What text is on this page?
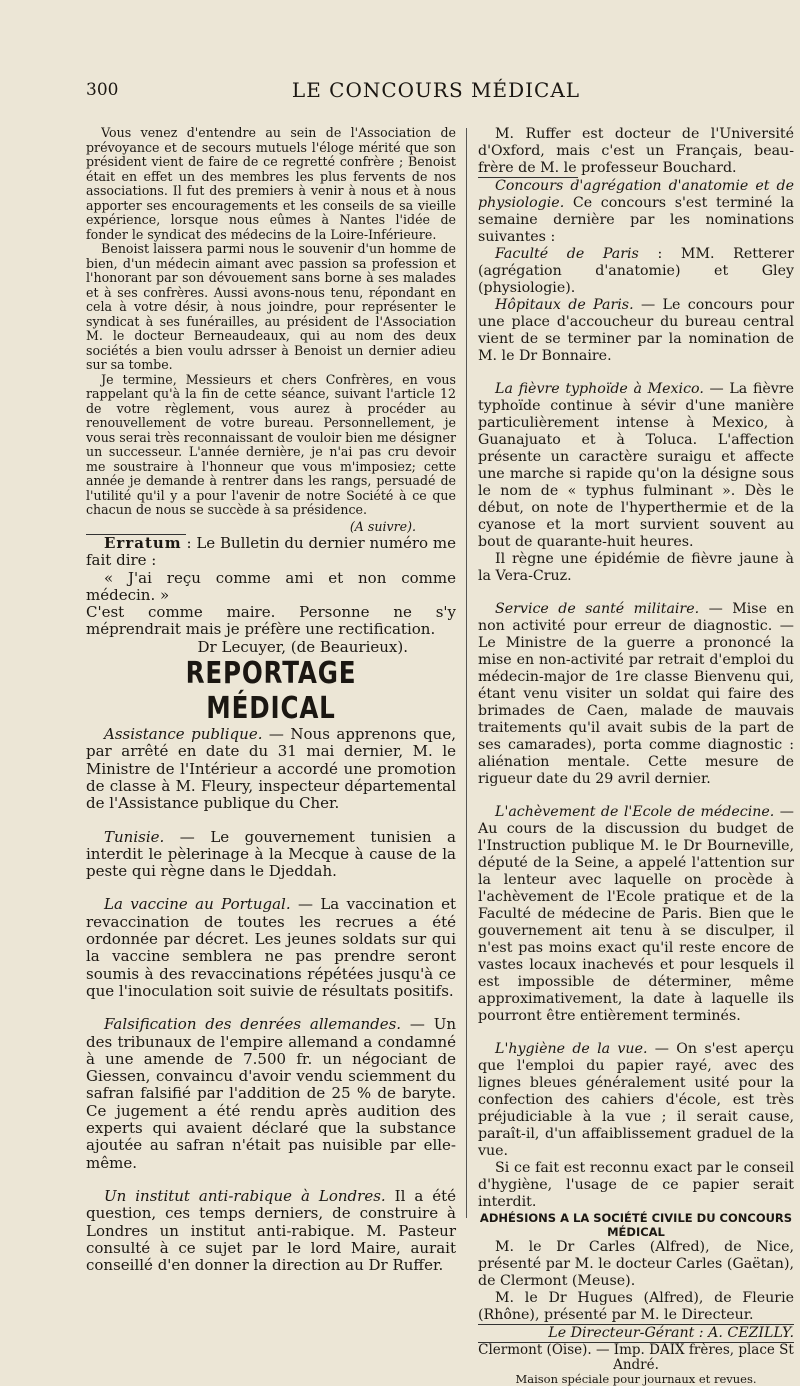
300	LE CONCOURS MÉDICAL

Vous venez d'entendre au sein de l'Association de prévoyance et de secours mutuels l'éloge mérité que son président vient de faire de ce regretté confrère ; Benoist était en effet un des membres les plus fervents de nos associations. Il fut des premiers à venir à nous et à nous apporter ses encouragements et les conseils de sa vieille expérience, lorsque nous eûmes à Nantes l'idée de fonder le syndicat des médecins de la Loire-Inférieure.

Benoist laissera parmi nous le souvenir d'un homme de bien, d'un médecin aimant avec passion sa profession et l'honorant par son dévouement sans borne à ses malades et à ses confrères. Aussi avons-nous tenu, répondant en cela à votre désir, à nous joindre, pour représenter le syndicat à ses funérailles, au président de l'Association M. le docteur Berneaudeaux, qui au nom des deux sociétés a bien voulu adrsser à Benoist un dernier adieu sur sa tombe.

Je termine, Messieurs et chers Confrères, en vous rappelant qu'à la fin de cette séance, suivant l'article 12 de votre règlement, vous aurez à procéder au renouvellement de votre bureau. Personnellement, je vous serai très reconnaissant de vouloir bien me désigner un successeur. L'année dernière, je n'ai pas cru devoir me soustraire à l'honneur que vous m'imposiez; cette année je demande à rentrer dans les rangs, persuadé de l'utilité qu'il y a pour l'avenir de notre Société à ce que chacun de nous se succède à sa présidence.

(A suivre).

Erratum : Le Bulletin du dernier numéro me fait dire :

« J'ai reçu comme ami et non comme médecin. »

C'est comme maire. Personne ne s'y méprendrait mais je préfère une rectification.

Dr Lecuyer, (de Beaurieux).

REPORTAGE MÉDICAL

Assistance publique. — Nous apprenons que, par arrêté en date du 31 mai dernier, M. le Ministre de l'Intérieur a accordé une promotion de classe à M. Fleury, inspecteur départemental de l'Assistance publique du Cher.

Tunisie. — Le gouvernement tunisien a interdit le pèlerinage à la Mecque à cause de la peste qui règne dans le Djeddah.

La vaccine au Portugal. — La vaccination et revaccination de toutes les recrues a été ordonnée par décret. Les jeunes soldats sur qui la vaccine semblera ne pas prendre seront soumis à des revaccinations répétées jusqu'à ce que l'inoculation soit suivie de résultats positifs.

Falsification des denrées allemandes. — Un des tribunaux de l'empire allemand a condamné à une amende de 7.500 fr. un négociant de Giessen, convaincu d'avoir vendu sciemment du safran falsifié par l'addition de 25 % de baryte. Ce jugement a été rendu après audition des experts qui avaient déclaré que la substance ajoutée au safran n'était pas nuisible par elle-même.

Un institut anti-rabique à Londres. Il a été question, ces temps derniers, de construire à Londres un institut anti-rabique. M. Pasteur consulté à ce sujet par le lord Maire, aurait conseillé d'en donner la direction au Dr Ruffer.

M. Ruffer est docteur de l'Université d'Oxford, mais c'est un Français, beau-frère de M. le professeur Bouchard.

Concours d'agrégation d'anatomie et de physiologie. Ce concours s'est terminé la semaine dernière par les nominations suivantes :

Faculté de Paris : MM. Retterer (agrégation d'anatomie) et Gley (physiologie).

Hôpitaux de Paris. — Le concours pour une place d'accoucheur du bureau central vient de se terminer par la nomination de M. le Dr Bonnaire.

La fièvre typhoïde à Mexico. — La fièvre typhoïde continue à sévir d'une manière particulièrement intense à Mexico, à Guanajuato et à Toluca. L'affection présente un caractère suraigu et affecte une marche si rapide qu'on la désigne sous le nom de « typhus fulminant ». Dès le début, on note de l'hyperthermie et de la cyanose et la mort survient souvent au bout de quarante-huit heures.

Il règne une épidémie de fièvre jaune à la Vera-Cruz.

Service de santé militaire. — Mise en non activité pour erreur de diagnostic. — Le Ministre de la guerre a prononcé la mise en non-activité par retrait d'emploi du médecin-major de 1re classe Bienvenu qui, étant venu visiter un soldat qui faire des brimades de Caen, malade de mauvais traitements qu'il avait subis de la part de ses camarades), porta comme diagnostic : aliénation mentale. Cette mesure de rigueur date du 29 avril dernier.

L'achèvement de l'Ecole de médecine. — Au cours de la discussion du budget de l'Instruction publique M. le Dr Bourneville, député de la Seine, a appelé l'attention sur la lenteur avec laquelle on procède à l'achèvement de l'Ecole pratique et de la Faculté de médecine de Paris. Bien que le gouvernement ait tenu à se disculper, il n'est pas moins exact qu'il reste encore de vastes locaux inachevés et pour lesquels il est impossible de déterminer, même approximativement, la date à laquelle ils pourront être entièrement terminés.

L'hygiène de la vue. — On s'est aperçu que l'emploi du papier rayé, avec des lignes bleues généralement usité pour la confection des cahiers d'école, est très préjudiciable à la vue ; il serait cause, paraît-il, d'un affaiblissement graduel de la vue.

Si ce fait est reconnu exact par le conseil d'hygiène, l'usage de ce papier serait interdit.

ADHÉSIONS A LA SOCIÉTÉ CIVILE DU CONCOURS MÉDICAL

M. le Dr Carles (Alfred), de Nice, présenté par M. le docteur Carles (Gaëtan), de Clermont (Meuse).

M. le Dr Hugues (Alfred), de Fleurie (Rhône), présenté par M. le Directeur.

Le Directeur-Gérant : A. CEZILLY.

Clermont (Oise). — Imp. DAIX frères, place St André.

Maison spéciale pour journaux et revues.
